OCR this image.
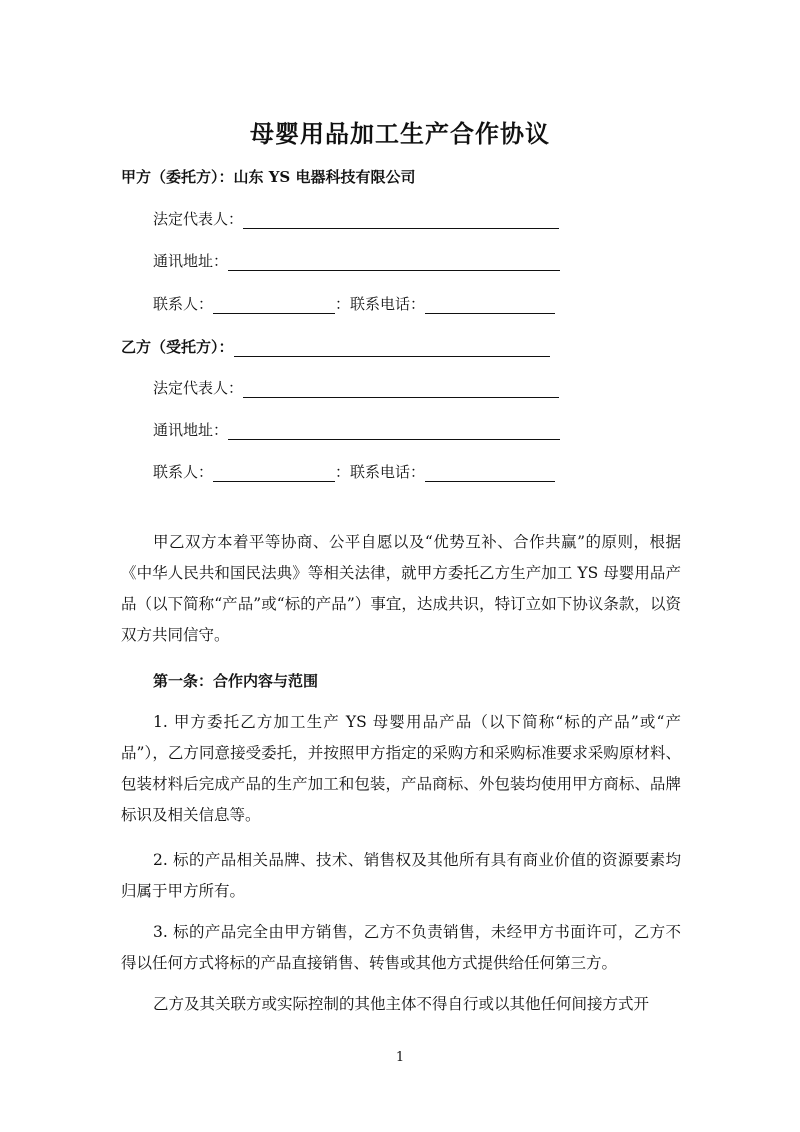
母婴用品加工生产合作协议
甲方（委托方）：山东 YS 电器科技有限公司
法定代表人：
通讯地址：
联系人：	：联系电话：
乙方（受托方）：
法定代表人：
通讯地址：
联系人：	：联系电话：
甲乙双方本着平等协商、公平自愿以及“优势互补、合作共赢”的原则，根据《中华人民共和国民法典》等相关法律，就甲方委托乙方生产加工 YS 母婴用品产品（以下简称“产品”或“标的产品”）事宜，达成共识，特订立如下协议条款，以资双方共同信守。
第一条：合作内容与范围
1. 甲方委托乙方加工生产 YS 母婴用品产品（以下简称“标的产品”或“产品”），乙方同意接受委托，并按照甲方指定的采购方和采购标准要求采购原材料、包装材料后完成产品的生产加工和包装，产品商标、外包装均使用甲方商标、品牌标识及相关信息等。
2. 标的产品相关品牌、技术、销售权及其他所有具有商业价值的资源要素均归属于甲方所有。
3. 标的产品完全由甲方销售，乙方不负责销售，未经甲方书面许可，乙方不得以任何方式将标的产品直接销售、转售或其他方式提供给任何第三方。
乙方及其关联方或实际控制的其他主体不得自行或以其他任何间接方式开
1
